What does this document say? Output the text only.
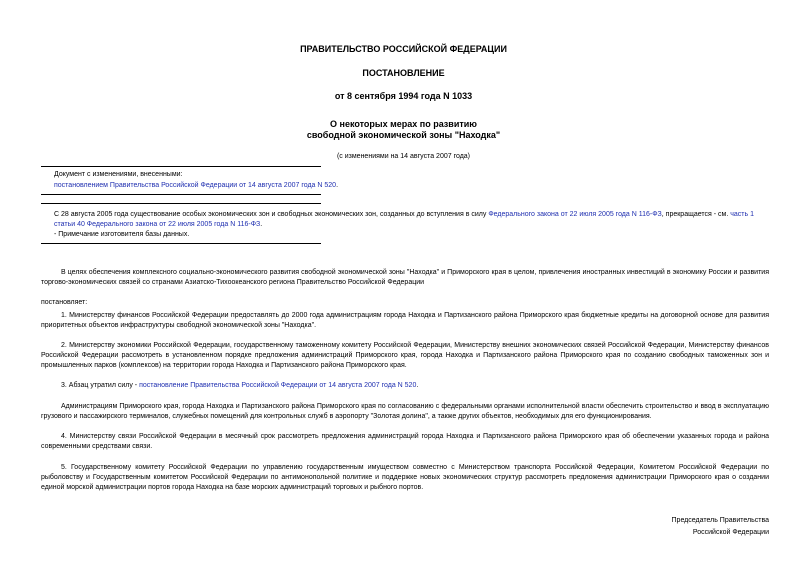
ПРАВИТЕЛЬСТВО РОССИЙСКОЙ ФЕДЕРАЦИИ
ПОСТАНОВЛЕНИЕ
от 8 сентября 1994 года N 1033
О некоторых мерах по развитию
свободной экономической зоны "Находка"
(с изменениями на 14 августа 2007 года)
Документ с изменениями, внесенными:
постановлением Правительства Российской Федерации от 14 августа 2007 года N 520.
С 28 августа 2005 года существование особых экономических зон и свободных экономических зон, созданных до вступления в силу Федерального закона от 22 июля 2005 года N 116-ФЗ, прекращается - см. часть 1 статьи 40 Федерального закона от 22 июля 2005 года N 116-ФЗ.
- Примечание изготовителя базы данных.
В целях обеспечения комплексного социально-экономического развития свободной экономической зоны "Находка" и Приморского края в целом, привлечения иностранных инвестиций в экономику России и развития торгово-экономических связей со странами Азиатско-Тихоокеанского региона Правительство Российской Федерации
постановляет:
1. Министерству финансов Российской Федерации предоставлять до 2000 года администрациям города Находка и Партизанского района Приморского края бюджетные кредиты на договорной основе для развития приоритетных объектов инфраструктуры свободной экономической зоны "Находка".
2. Министерству экономики Российской Федерации, государственному таможенному комитету Российской Федерации, Министерству внешних экономических связей Российской Федерации, Министерству финансов Российской Федерации рассмотреть в установленном порядке предложения администраций Приморского края, города Находка и Партизанского района Приморского края по созданию свободных таможенных зон и промышленных парков (комплексов) на территории города Находка и Партизанского района Приморского края.
3. Абзац утратил силу - постановление Правительства Российской Федерации от 14 августа 2007 года N 520.
Администрациям Приморского края, города Находка и Партизанского района Приморского края по согласованию с федеральными органами исполнительной власти обеспечить строительство и ввод в эксплуатацию грузового и пассажирского терминалов, служебных помещений для контрольных служб в аэропорту "Золотая долина", а также других объектов, необходимых для его функционирования.
4. Министерству связи Российской Федерации в месячный срок рассмотреть предложения администраций города Находка и Партизанского района Приморского края об обеспечении указанных города и района современными средствами связи.
5. Государственному комитету Российской Федерации по управлению государственным имуществом совместно с Министерством транспорта Российской Федерации, Комитетом Российской Федерации по рыболовству и Государственным комитетом Российской Федерации по антимонопольной политике и поддержке новых экономических структур рассмотреть предложения администрации Приморского края о создании единой морской администрации портов города Находка на базе морских администраций торговых и рыбного портов.
Председатель Правительства
Российской Федерации
